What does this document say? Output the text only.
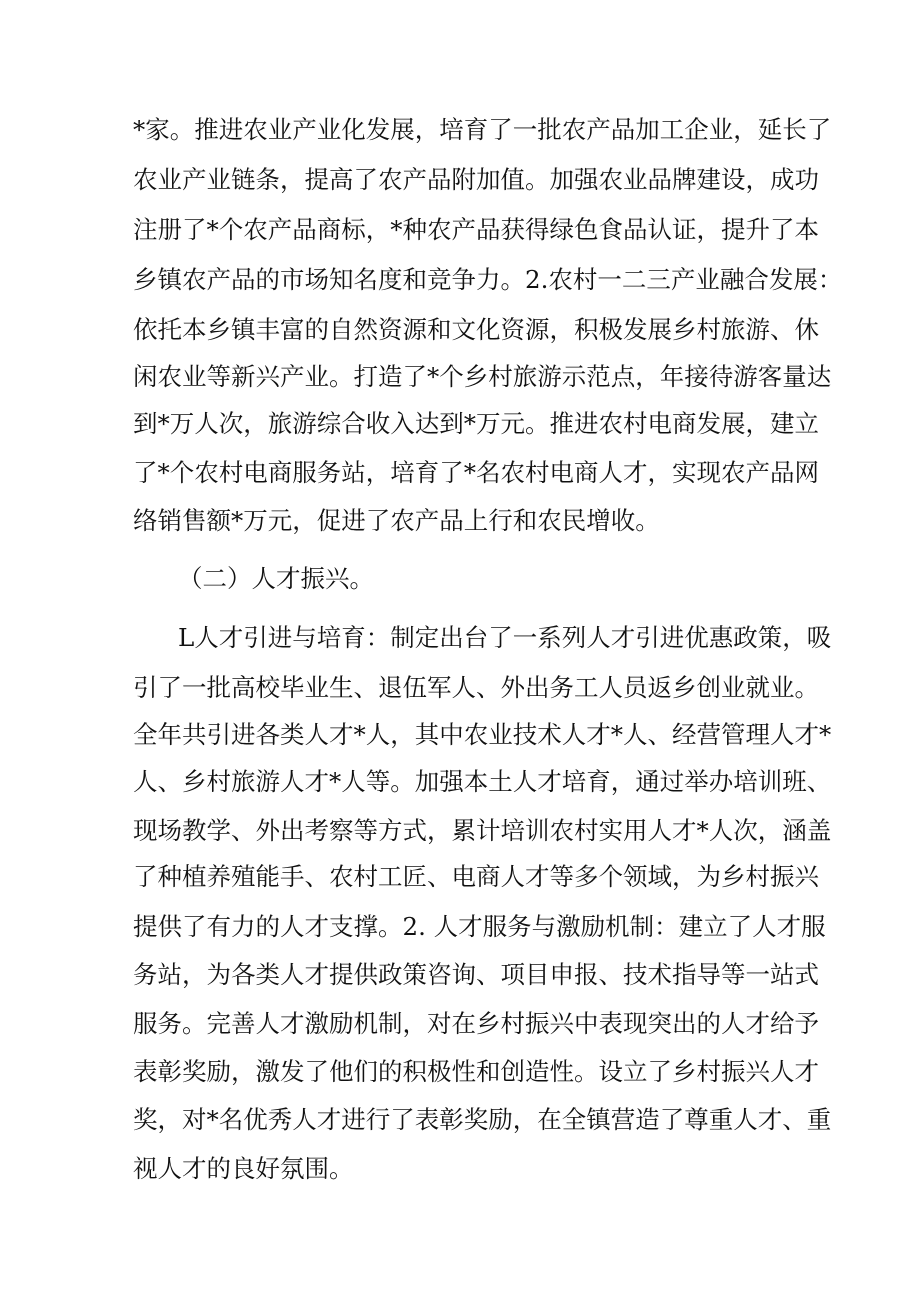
*家。推进农业产业化发展，培育了一批农产品加工企业，延长了
农业产业链条，提高了农产品附加值。加强农业品牌建设，成功
注册了*个农产品商标，*种农产品获得绿色食品认证，提升了本
乡镇农产品的市场知名度和竞争力。2.农村一二三产业融合发展：
依托本乡镇丰富的自然资源和文化资源，积极发展乡村旅游、休
闲农业等新兴产业。打造了*个乡村旅游示范点，年接待游客量达
到*万人次，旅游综合收入达到*万元。推进农村电商发展，建立
了*个农村电商服务站，培育了*名农村电商人才，实现农产品网
络销售额*万元，促进了农产品上行和农民增收。
（二）人才振兴。
L人才引进与培育：制定出台了一系列人才引进优惠政策，吸
引了一批高校毕业生、退伍军人、外出务工人员返乡创业就业。
全年共引进各类人才*人，其中农业技术人才*人、经营管理人才*
人、乡村旅游人才*人等。加强本土人才培育，通过举办培训班、
现场教学、外出考察等方式，累计培训农村实用人才*人次，涵盖
了种植养殖能手、农村工匠、电商人才等多个领域，为乡村振兴
提供了有力的人才支撑。2. 人才服务与激励机制：建立了人才服
务站，为各类人才提供政策咨询、项目申报、技术指导等一站式
服务。完善人才激励机制，对在乡村振兴中表现突出的人才给予
表彰奖励，激发了他们的积极性和创造性。设立了乡村振兴人才
奖，对*名优秀人才进行了表彰奖励，在全镇营造了尊重人才、重
视人才的良好氛围。
